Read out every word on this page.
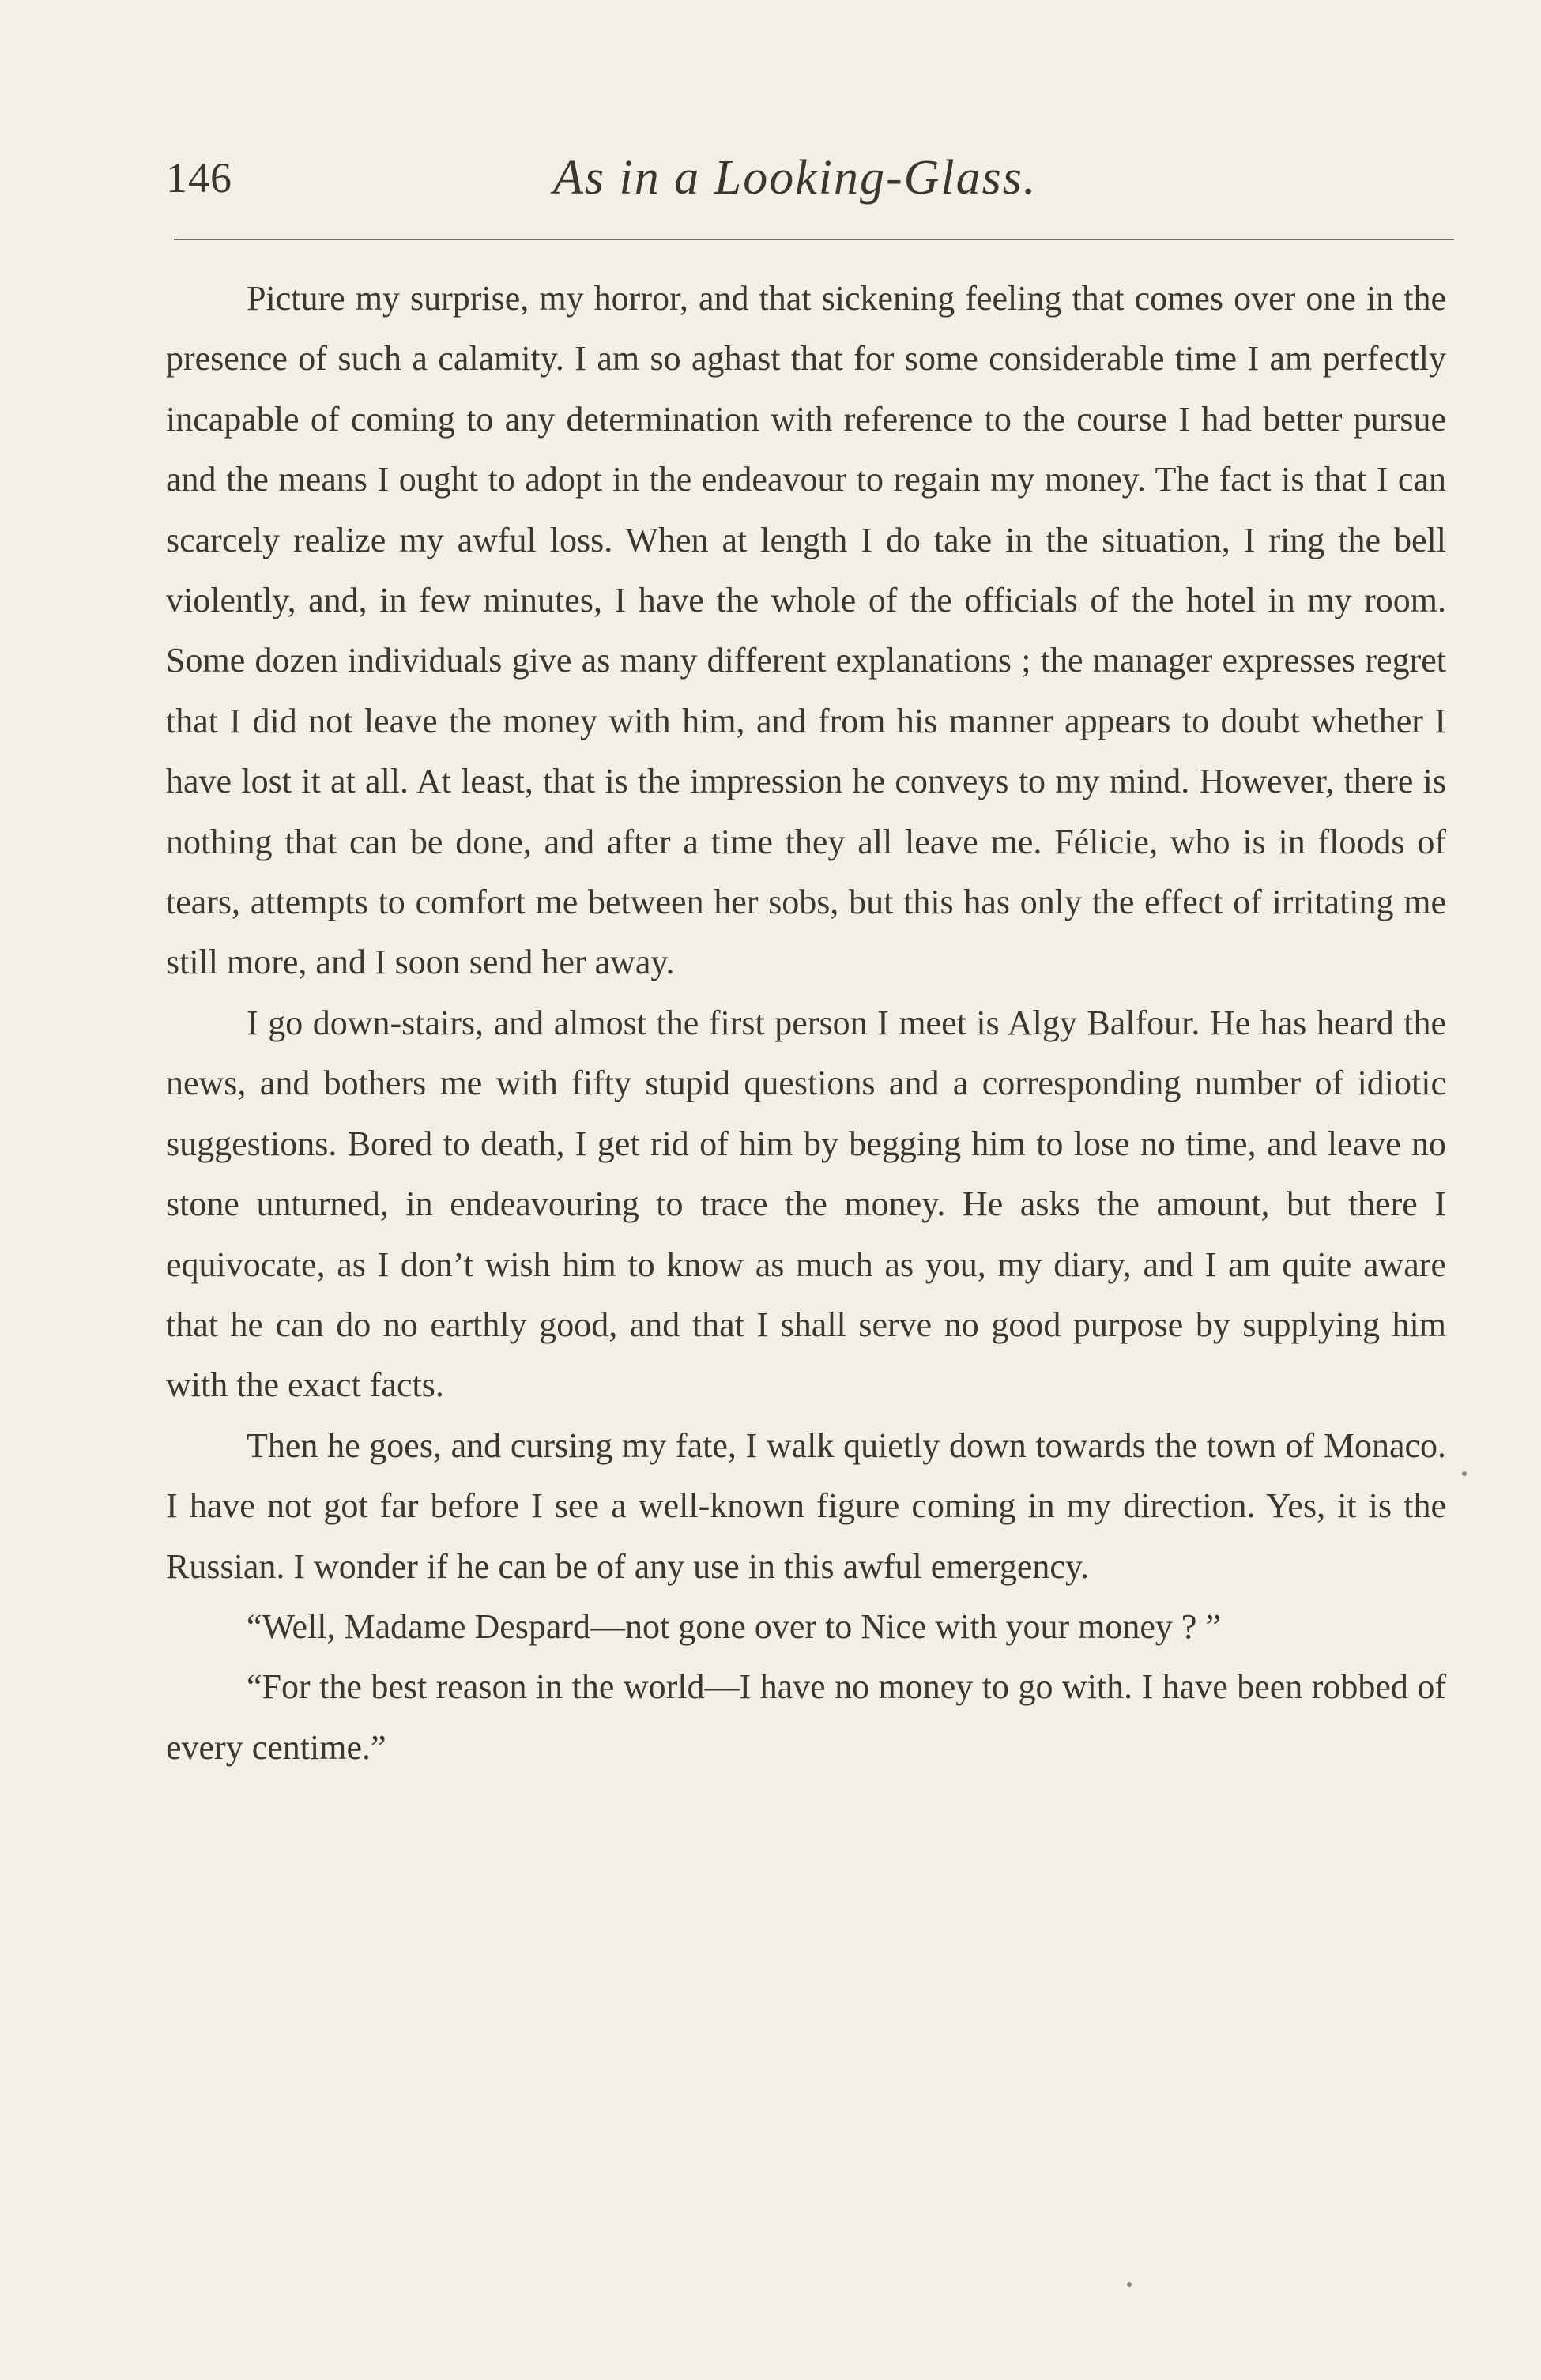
146	As in a Looking-Glass.

Picture my surprise, my horror, and that sickening feeling that comes over one in the presence of such a calamity. I am so aghast that for some considerable time I am perfectly incapable of coming to any determination with reference to the course I had better pursue and the means I ought to adopt in the endeavour to regain my money. The fact is that I can scarcely realize my awful loss. When at length I do take in the situation, I ring the bell violently, and, in few minutes, I have the whole of the officials of the hotel in my room. Some dozen individuals give as many different explanations ; the manager expresses regret that I did not leave the money with him, and from his manner appears to doubt whether I have lost it at all. At least, that is the impression he conveys to my mind. However, there is nothing that can be done, and after a time they all leave me. Félicie, who is in floods of tears, attempts to comfort me between her sobs, but this has only the effect of irritating me still more, and I soon send her away.

I go down-stairs, and almost the first person I meet is Algy Balfour. He has heard the news, and bothers me with fifty stupid questions and a corresponding number of idiotic suggestions. Bored to death, I get rid of him by begging him to lose no time, and leave no stone unturned, in endeavouring to trace the money. He asks the amount, but there I equivocate, as I don’t wish him to know as much as you, my diary, and I am quite aware that he can do no earthly good, and that I shall serve no good purpose by supplying him with the exact facts.

Then he goes, and cursing my fate, I walk quietly down towards the town of Monaco. I have not got far before I see a well-known figure coming in my direction. Yes, it is the Russian. I wonder if he can be of any use in this awful emergency.

“Well, Madame Despard—not gone over to Nice with your money ? ”

“For the best reason in the world—I have no money to go with. I have been robbed of every centime.”
